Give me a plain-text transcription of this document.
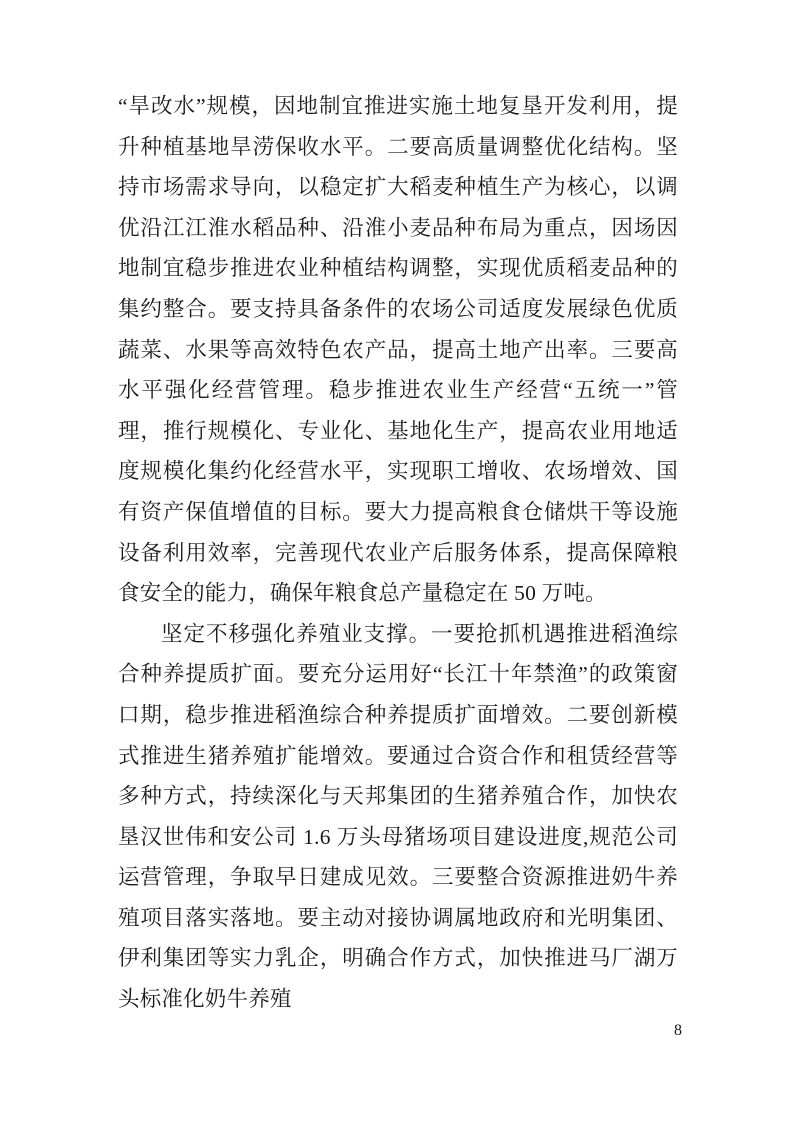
“旱改水”规模，因地制宜推进实施土地复垦开发利用，提升种植基地旱涝保收水平。二要高质量调整优化结构。坚持市场需求导向，以稳定扩大稻麦种植生产为核心，以调优沿江江淮水稻品种、沿淮小麦品种布局为重点，因场因地制宜稳步推进农业种植结构调整，实现优质稻麦品种的集约整合。要支持具备条件的农场公司适度发展绿色优质蔬菜、水果等高效特色农产品，提高土地产出率。三要高水平强化经营管理。稳步推进农业生产经营“五统一”管理，推行规模化、专业化、基地化生产，提高农业用地适度规模化集约化经营水平，实现职工增收、农场增效、国有资产保值增值的目标。要大力提高粮食仓储烘干等设施设备利用效率，完善现代农业产后服务体系，提高保障粮食安全的能力，确保年粮食总产量稳定在 50 万吨。

坚定不移强化养殖业支撑。一要抢抓机遇推进稻渔综合种养提质扩面。要充分运用好“长江十年禁渔”的政策窗口期，稳步推进稻渔综合种养提质扩面增效。二要创新模式推进生猪养殖扩能增效。要通过合资合作和租赁经营等多种方式，持续深化与天邦集团的生猪养殖合作，加快农垦汉世伟和安公司 1.6 万头母猪场项目建设进度,规范公司运营管理，争取早日建成见效。三要整合资源推进奶牛养殖项目落实落地。要主动对接协调属地政府和光明集团、伊利集团等实力乳企，明确合作方式，加快推进马厂湖万头标准化奶牛养殖

8
